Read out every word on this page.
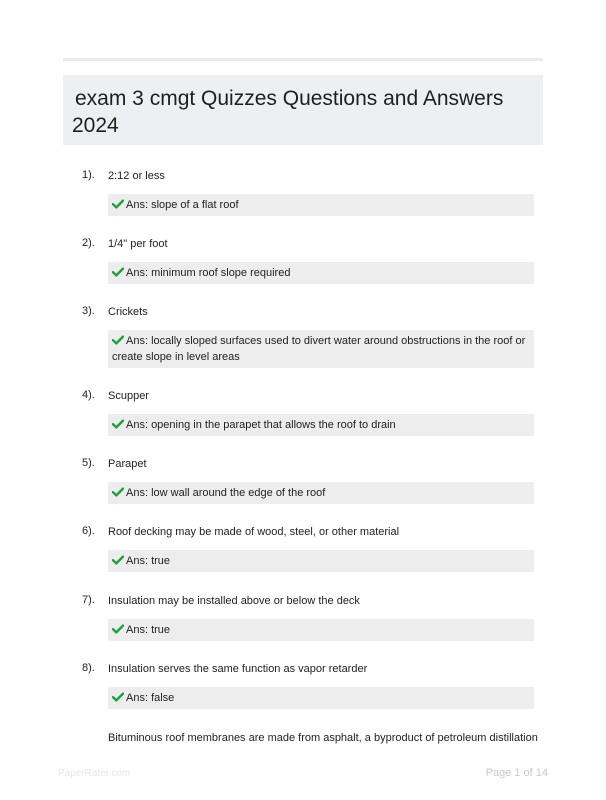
exam 3 cmgt Quizzes Questions and Answers 2024
1). 2:12 or less
Ans: slope of a flat roof
2). 1/4" per foot
Ans: minimum roof slope required
3). Crickets
Ans: locally sloped surfaces used to divert water around obstructions in the roof or create slope in level areas
4). Scupper
Ans: opening in the parapet that allows the roof to drain
5). Parapet
Ans: low wall around the edge of the roof
6). Roof decking may be made of wood, steel, or other material
Ans: true
7). Insulation may be installed above or below the deck
Ans: true
8). Insulation serves the same function as vapor retarder
Ans: false
Bituminous roof membranes are made from asphalt, a byproduct of petroleum distillation
PaperRater.com	Page 1 of 14
